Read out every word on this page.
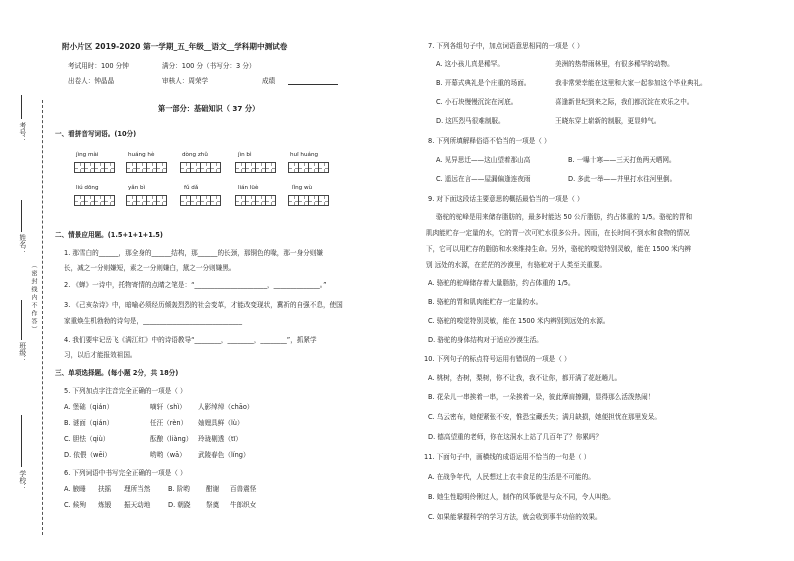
考号：
姓名：
（密封线内不作答）
班级：
学校：
附小片区 2019-2020 第一学期_五_年级__语文__学科期中测试卷
考试用时：100 分钟	满分：100 分（书写分：3 分）
出卷人：钟晶晶	审核人：周荣学	成绩
第一部分：基础知识（ 37 分）
一、看拼音写词语。(10分)
jìng mài	huáng hè	dòng zhǔ	jìn bì	huī huáng
liú dōng	yǎn bì	fǔ dǎ	lián lüè	lǐng wù
二、情景应用题。(1.5+1+1+1.5)
1. 那雪白的______，那全身的______结构，那______的长颈，那铜色的喙，那一身分则嫌
长，减之一分则嫌短，素之一分则嫌白，黛之一分则嫌黑。
2. 《蝉》一诗中，托物寄情的点睛之笔是：“______________________，______________。”
3. 《己亥杂诗》中，暗喻必须经历倾轰烈烈的社会变革，才能改变现状，冀祈的自强不息，使国
家重焕生机勃勃的诗句是，______________________________
4. 我们要牢记岳飞《满江红》中的诗语教导“________，________，________”，抓紧学
习，以后才能报效祖国。
三、单项选择题。(每小题 2分，共 18分)
5. 下列加点字注音完全正确的一项是（ ）
A. 堡础（qián）	嘀轩（shì） 人影绰绰（chāo）
B. 谜面（qián）	任汪（rèn） 妯娌具鲜（lù）
C. 胆怯（qiù）	酝酿（liàng） 玲珑剔透（tī）
D. 依偎（wēi）	哟哟（wā） 武陵春色（líng）
6. 下列词语中书写完全正确的一项是（ ）
A. 腋睡 扶摇 理所当然	B. 阶哟 酣谢 百兽震怪
C. 候殉 炼锻 振天动地	D. 朝跷 祭奠 牛郎织女
7. 下列各组句子中，加点词语意思相同的一项是（ ）
A. 这小孩儿真是稀罕。	美洲的热带雨林里，有很多稀罕的动物。
B. 开幕式典礼是个庄重的场面。	我非常荣幸能在这里和大家一起参加这个毕业典礼。
C. 小石块慢慢沉淀在河底。	喜逢新世纪到来之际，我们都沉淀在欢乐之中。
D. 这匹烈马很难制服。	王晓东穿上崭新的制服，更显帅气。
8. 下列所填解释俗语不恰当的一项是（ ）
A. 见异思迁——这山望着那山高	B. 一曝十寒——三天打鱼两天晒网。
C. 遥远在言——屋漏偏逢连夜雨	D. 多此一举——井里打水往河里倒。
9. 对下面这段话主要意思的概括最恰当的一项是（ ）
骆驼的驼峰是用来储存脂肪的，最多时能达 50 公斤脂肪，约占体重的 1/5。骆驼的胃和
肌肉能贮存一定量的水，它的胃一次可贮水很多公升。因而，在长时间不到水和食物的情况
下，它可以用贮存的脂肪和水来维持生命。另外，骆驼的嗅觉特别灵敏，能在 1500 米内辨
别 远处的水源，在茫茫的沙漠里，有骆驼对于人类至关重要。
A. 骆驼的驼峰储存着大量脂肪，约占体重的 1/5。
B. 骆驼的胃和肌肉能贮存一定量的水。
C. 骆驼的嗅觉特别灵敏，能在 1500 米内辨别到远处的水源。
D. 骆驼的身体结构对于适应沙漠生活。
10. 下列句子的标点符号运用有错误的一项是（ ）
A. 桃树，杏树，梨树，你不让我，我不让你，都开满了花赶趟儿。
B. 花朵儿一串挨着一串，一朵挨着一朵，彼此摩肩擦踵，显得那么活泼热闹！
C. 乌云密布，她便紧张不安，惟恐宝藏丢失；满月缺损，她便担忧在那里发呆。
D. 德高望重的老师，你在这洞水上站了几百年了？你累吗？
11. 下面句子中，画横线的成语运用不恰当的一句是（ ）
A. 在战争年代，人民想过上衣丰食足的生活是不可能的。
B. 她生性聪明伶俐过人，制作的风筝就是与众不同，令人叫绝。
C. 如果能掌握科学的学习方法，就会收到事半功倍的效果。
